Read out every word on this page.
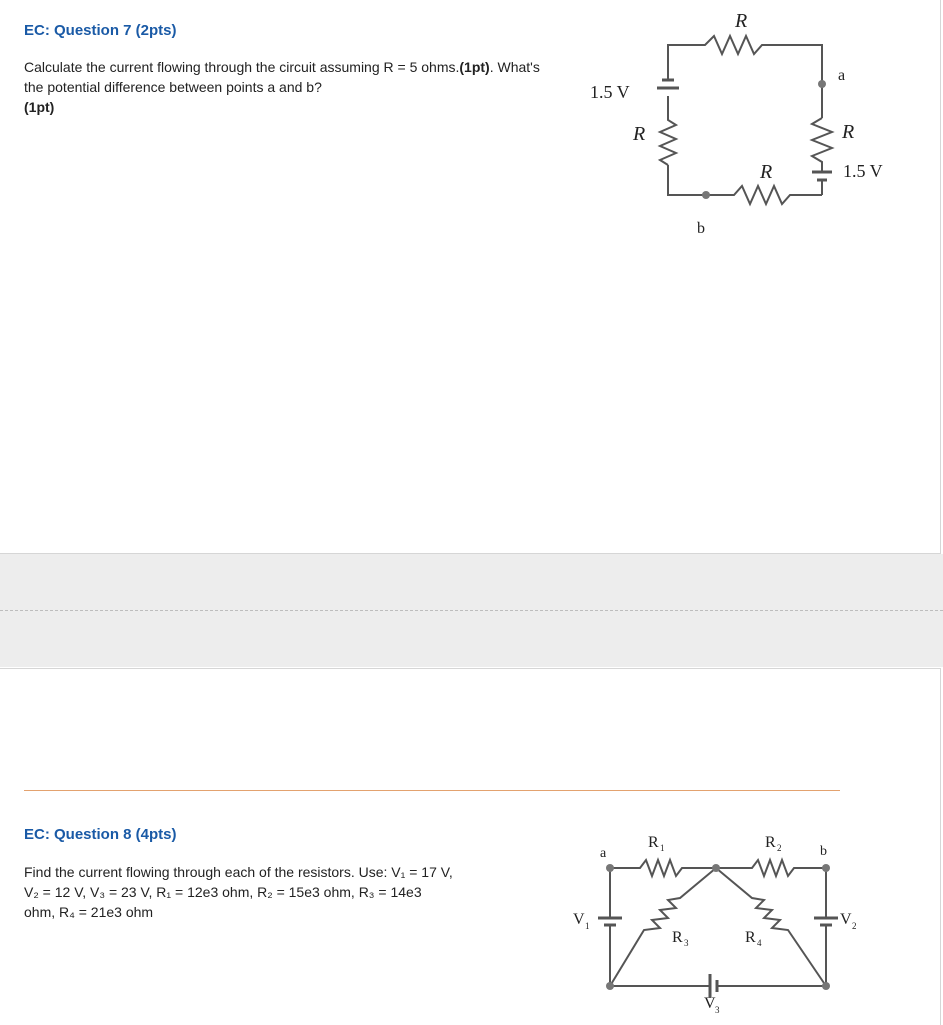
EC: Question 7 (2pts)

Calculate the current flowing through the circuit assuming R = 5 ohms.(1pt). What's the potential difference between points a and b?
(1pt)

R
1.5 V
R
a
R
R	1.5 V
b
EC: Question 8 (4pts)

Find the current flowing through each of the resistors. Use: V₁ = 17 V,
V₂ = 12 V, V₃ = 23 V, R₁ = 12e3 ohm, R₂ = 15e3 ohm, R₃ = 14e3
ohm, R₄ = 21e3 ohm

a	b
R 1	R 2
R 3	R 4
V 1	V 2
V 3
